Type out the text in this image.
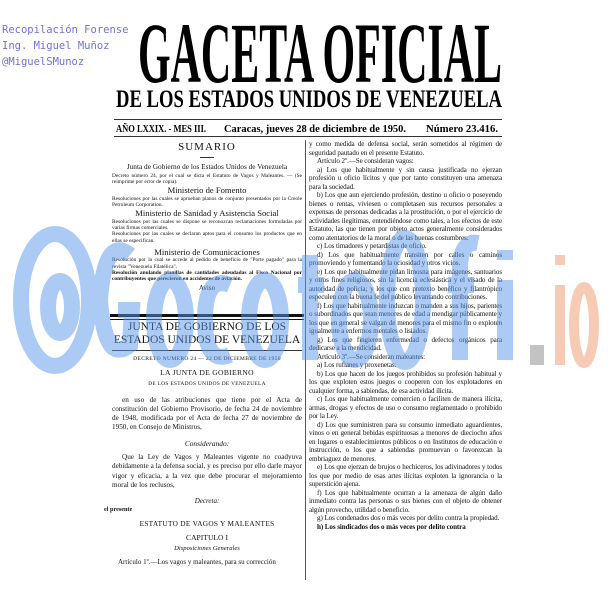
Recopilación Forense
Ing. Miguel Muñoz
@MiguelSMunoz GACETA OFICIAL
DE LOS ESTADOS UNIDOS DE VENEZUELA
AÑO LXXIX. - MES III.
Caracas, jueves 28 de diciembre de 1950. Número 23.416.
SUMARIO
Junta de Gobierno de los Estados Unidos de Venezuela
Decreto número 24, por el cual se dicta el Estatuto de Vagos y Maleantes. — (Se reimprime por error de copia).
Ministerio de Fomento
Resoluciones por las cuales se aprueban planos de conjunto presentados por la Creole Petroleum Corporation.
Ministerio de Sanidad y Asistencia Social
Resoluciones por las cuales se dispone se reconozcan reclamaciones formuladas por varias firmas comerciales.
Resoluciones por las cuales se declaran aptos para el consumo los productos que en ellas se especifican.
Ministerio de Comunicaciones
Resolución por la cual se accede al pedido de beneficio de "Porte pagado" para la revista "Venezuela Filatélica".
Resolución anulando planillas de cantidades adeudadas al Fisco Nacional por contribuyentes que perecieron en accidentes de aviación.
Aviso
JUNTA DE GOBIERNO DE LOS ESTADOS UNIDOS DE VENEZUELA
DECRETO NUMERO 24 — 22 DE DICIEMBRE DE 1950
LA JUNTA DE GOBIERNO
DE LOS ESTADOS UNIDOS DE VENEZUELA
en uso de las atribuciones que tiene por el Acta de constitución del Gobierno Provisorio, de fecha 24 de noviembre de 1948, modificada por el Acta de fecha 27 de noviembre de 1950, en Consejo de Ministros,
Considerando:
Que la Ley de Vagos y Maleantes vigente no coadyuva debidamente a la defensa social, y es preciso por ello darle mayor vigor y eficacia, a la vez que debe procurar el mejoramiento moral de los reclusos,
Decreta:
el presente
ESTATUTO DE VAGOS Y MALEANTES
CAPITULO I
Disposiciones Generales
Artículo 1º.—Los vagos y maleantes, para su corrección

y como medida de defensa social, serán sometidos al régimen de seguridad pautado en el presente Estatuto.

Artículo 2º.—Se consideran vagos:

a) Los que habitualmente y sin causa justificada no ejerzan profesión u oficio lícitos y que por tanto constituyen una amenaza para la sociedad.

b) Los que aun ejerciendo profesión, destino u oficio o poseyendo bienes o rentas, viviesen o completasen sus recursos personales a expensas de personas dedicadas a la prostitución, o por el ejercicio de actividades ilegítimas, entendiéndose como tales, a los efectos de este Estatuto, las que tienen por objeto actos generalmente considerados como atentatorios de la moral o de las buenas costumbres.

c) Los timadores y petardistas de oficio.

d) Los que habitualmente transiten por calles o caminos promoviendo y fomentando la ociosidad y otros vicios.

e) Los que habitualmente pidan limosna para imágenes, santuarios y otros fines religiosos, sin la licencia eclesiástica y el visado de la autoridad de policía; y los que con pretexto benéfico y filantrópico especulen con la buena fe del público levantando contribuciones.

f) Los que habitualmente induzcan o manden a sus hijos, parientes o subordinados que sean menores de edad a mendigar públicamente y los que en general se valgan de menores para el mismo fin o exploten igualmente a enfermos mentales o lisiados.

g) Los que fingieren enfermedad o defectos orgánicos para dedicarse a la mendicidad.

Artículo 3º.—Se consideran maleantes:

a) Los rufianes y proxenetas.

b) Los que hacen de los juegos prohibidos su profesión habitual y los que exploten estos juegos o cooperen con los explotadores en cualquier forma, a sabiendas, de esa actividad ilícita.

c) Los que habitualmente comercien o faciliten de manera ilícita, armas, drogas y efectos de uso o consumo reglamentado o prohibido por la Ley.

d) Los que suministren para su consumo inmediato aguardientes, vinos o en general bebidas espirituosas a menores de dieciocho años en lugares o establecimientos públicos o en Institutos de educación e instrucción, o los que a sabiendas promuevan o favorezcan la embriaguez de menores.

e) Los que ejerzan de brujos o hechiceros, los adivinadores y todos los que por medio de esas artes ilícitas exploten la ignorancia o la superstición ajena.

f) Los que habitualmente ocurran a la amenaza de algún daño inmediato contra las personas o sus bienes con el objeto de obtener algún provecho, utilidad o beneficio.

g) Los condenados dos o más veces por delito contra la propiedad.

h) Los sindicados dos o más veces por delito contra
